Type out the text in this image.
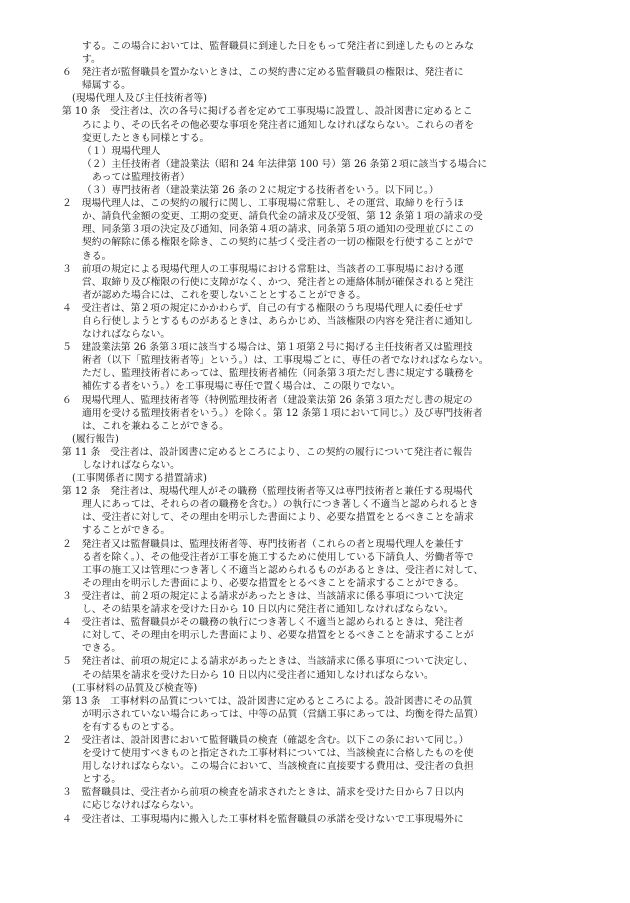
する。この場合においては、監督職員に到達した日をもって発注者に到達したものとみな
す。
６　発注者が監督職員を置かないときは、この契約書に定める監督職員の権限は、発注者に
帰属する。
(現場代理人及び主任技術者等)
第 10 条　受注者は、次の各号に掲げる者を定めて工事現場に設置し、設計図書に定めるとこ
ろにより、その氏名その他必要な事項を発注者に通知しなければならない。これらの者を
変更したときも同様とする。
（１）現場代理人
（２）主任技術者（建設業法（昭和 24 年法律第 100 号）第 26 条第２項に該当する場合に
あっては監理技術者）
（３）専門技術者（建設業法第 26 条の２に規定する技術者をいう。以下同じ。）
２　現場代理人は、この契約の履行に関し、工事現場に常駐し、その運営、取締りを行うほ
か、請負代金額の変更、工期の変更、請負代金の請求及び受領、第 12 条第１項の請求の受
理、同条第３項の決定及び通知、同条第４項の請求、同条第５項の通知の受理並びにこの
契約の解除に係る権限を除き、この契約に基づく受注者の一切の権限を行使することがで
きる。
３　前項の規定による現場代理人の工事現場における常駐は、当該者の工事現場における運
営、取締り及び権限の行使に支障がなく、かつ、発注者との連絡体制が確保されると発注
者が認めた場合には、これを要しないこととすることができる。
４　受注者は、第２項の規定にかかわらず、自己の有する権限のうち現場代理人に委任せず
自ら行使しようとするものがあるときは、あらかじめ、当該権限の内容を発注者に通知し
なければならない。
５　建設業法第 26 条第３項に該当する場合は、第１項第２号に掲げる主任技術者又は監理技
術者（以下「監理技術者等」という。）は、工事現場ごとに、専任の者でなければならない。
ただし、監理技術者にあっては、監理技術者補佐（同条第３項ただし書に規定する職務を
補佐する者をいう。）を工事現場に専任で置く場合は、この限りでない。
６　現場代理人、監理技術者等（特例監理技術者（建設業法第 26 条第３項ただし書の規定の
適用を受ける監理技術者をいう。）を除く。第 12 条第１項において同じ。）及び専門技術者
は、これを兼ねることができる。
(履行報告)
第 11 条　受注者は、設計図書に定めるところにより、この契約の履行について発注者に報告
しなければならない。
(工事関係者に関する措置請求)
第 12 条　発注者は、現場代理人がその職務（監理技術者等又は専門技術者と兼任する現場代
理人にあっては、それらの者の職務を含む。）の執行につき著しく不適当と認められるとき
は、受注者に対して、その理由を明示した書面により、必要な措置をとるべきことを請求
することができる。
２　発注者又は監督職員は、監理技術者等、専門技術者（これらの者と現場代理人を兼任す
る者を除く。）、その他受注者が工事を施工するために使用している下請負人、労働者等で
工事の施工又は管理につき著しく不適当と認められるものがあるときは、受注者に対して、
その理由を明示した書面により、必要な措置をとるべきことを請求することができる。
３　受注者は、前２項の規定による請求があったときは、当該請求に係る事項について決定
し、その結果を請求を受けた日から 10 日以内に発注者に通知しなければならない。
４　受注者は、監督職員がその職務の執行につき著しく不適当と認められるときは、発注者
に対して、その理由を明示した書面により、必要な措置をとるべきことを請求することが
できる。
５　発注者は、前項の規定による請求があったときは、当該請求に係る事項について決定し、
その結果を請求を受けた日から 10 日以内に受注者に通知しなければならない。
(工事材料の品質及び検査等)
第 13 条　工事材料の品質については、設計図書に定めるところによる。設計図書にその品質
が明示されていない場合にあっては、中等の品質（営繕工事にあっては、均衡を得た品質）
を有するものとする。
２　受注者は、設計図書において監督職員の検査（確認を含む。以下この条において同じ。）
を受けて使用すべきものと指定された工事材料については、当該検査に合格したものを使
用しなければならない。この場合において、当該検査に直接要する費用は、受注者の負担
とする。
３　監督職員は、受注者から前項の検査を請求されたときは、請求を受けた日から７日以内
に応じなければならない。
４　受注者は、工事現場内に搬入した工事材料を監督職員の承諾を受けないで工事現場外に
